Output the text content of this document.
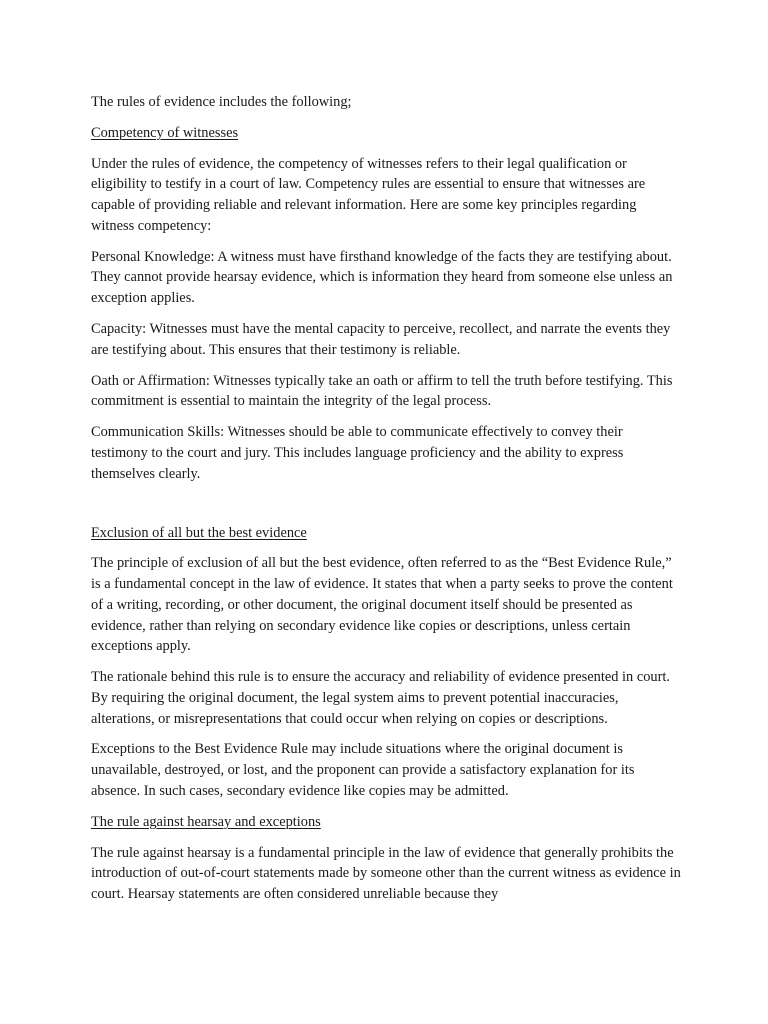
The rules of evidence includes the following;

Competency of witnesses

Under the rules of evidence, the competency of witnesses refers to their legal qualification or eligibility to testify in a court of law. Competency rules are essential to ensure that witnesses are capable of providing reliable and relevant information. Here are some key principles regarding witness competency:

Personal Knowledge: A witness must have firsthand knowledge of the facts they are testifying about. They cannot provide hearsay evidence, which is information they heard from someone else unless an exception applies.

Capacity: Witnesses must have the mental capacity to perceive, recollect, and narrate the events they are testifying about. This ensures that their testimony is reliable.

Oath or Affirmation: Witnesses typically take an oath or affirm to tell the truth before testifying. This commitment is essential to maintain the integrity of the legal process.

Communication Skills: Witnesses should be able to communicate effectively to convey their testimony to the court and jury. This includes language proficiency and the ability to express themselves clearly.

Exclusion of all but the best evidence

The principle of exclusion of all but the best evidence, often referred to as the “Best Evidence Rule,” is a fundamental concept in the law of evidence. It states that when a party seeks to prove the content of a writing, recording, or other document, the original document itself should be presented as evidence, rather than relying on secondary evidence like copies or descriptions, unless certain exceptions apply.

The rationale behind this rule is to ensure the accuracy and reliability of evidence presented in court. By requiring the original document, the legal system aims to prevent potential inaccuracies, alterations, or misrepresentations that could occur when relying on copies or descriptions.

Exceptions to the Best Evidence Rule may include situations where the original document is unavailable, destroyed, or lost, and the proponent can provide a satisfactory explanation for its absence. In such cases, secondary evidence like copies may be admitted.

The rule against hearsay and exceptions

The rule against hearsay is a fundamental principle in the law of evidence that generally prohibits the introduction of out-of-court statements made by someone other than the current witness as evidence in court. Hearsay statements are often considered unreliable because they
